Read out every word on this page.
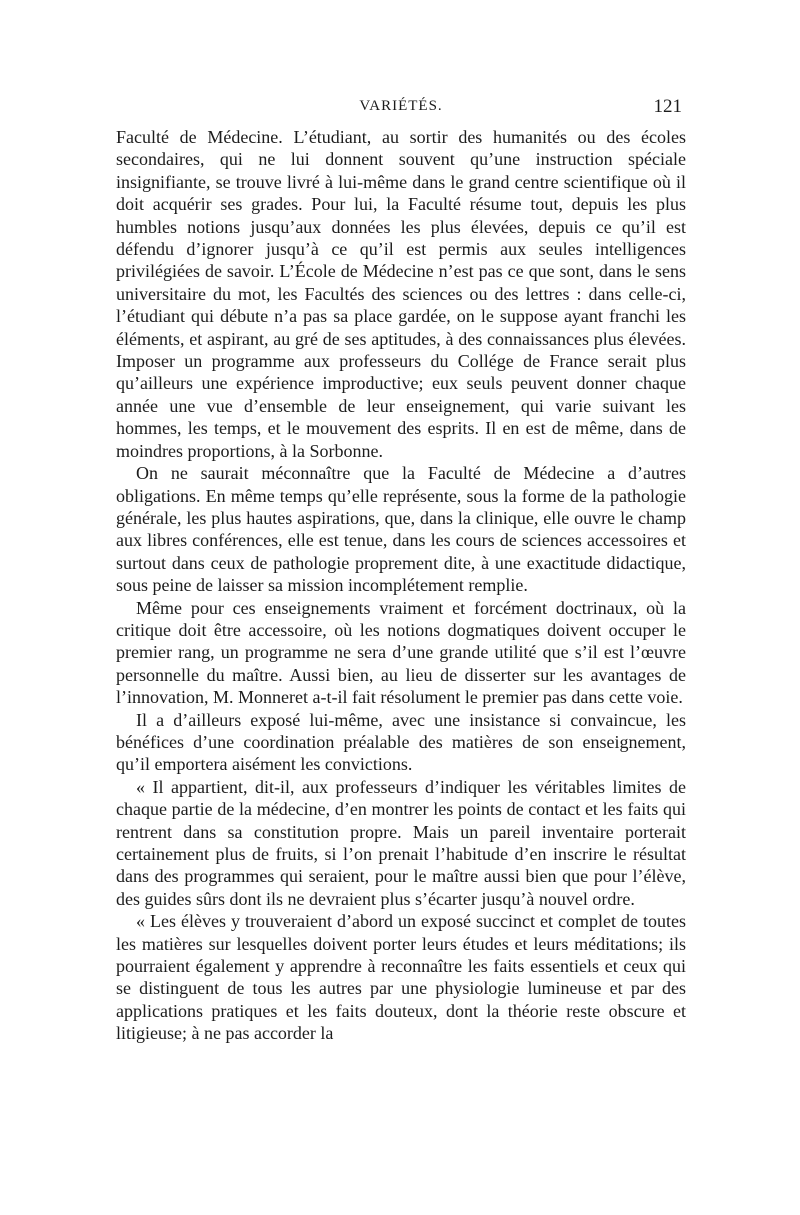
VARIÉTÉS.	121

Faculté de Médecine. L’étudiant, au sortir des humanités ou des écoles secondaires, qui ne lui donnent souvent qu’une instruction spéciale insignifiante, se trouve livré à lui-même dans le grand centre scientifique où il doit acquérir ses grades. Pour lui, la Faculté résume tout, depuis les plus humbles notions jusqu’aux données les plus élevées, depuis ce qu’il est défendu d’ignorer jusqu’à ce qu’il est permis aux seules intelligences privilégiées de savoir. L’École de Médecine n’est pas ce que sont, dans le sens universitaire du mot, les Facultés des sciences ou des lettres : dans celle-ci, l’étudiant qui débute n’a pas sa place gardée, on le suppose ayant franchi les éléments, et aspirant, au gré de ses aptitudes, à des connaissances plus élevées. Imposer un programme aux professeurs du Collége de France serait plus qu’ailleurs une expérience improductive; eux seuls peuvent donner chaque année une vue d’ensemble de leur enseignement, qui varie suivant les hommes, les temps, et le mouvement des esprits. Il en est de même, dans de moindres proportions, à la Sorbonne.

On ne saurait méconnaître que la Faculté de Médecine a d’autres obligations. En même temps qu’elle représente, sous la forme de la pathologie générale, les plus hautes aspirations, que, dans la clinique, elle ouvre le champ aux libres conférences, elle est tenue, dans les cours de sciences accessoires et surtout dans ceux de pathologie proprement dite, à une exactitude didactique, sous peine de laisser sa mission incomplétement remplie.

Même pour ces enseignements vraiment et forcément doctrinaux, où la critique doit être accessoire, où les notions dogmatiques doivent occuper le premier rang, un programme ne sera d’une grande utilité que s’il est l’œuvre personnelle du maître. Aussi bien, au lieu de disserter sur les avantages de l’innovation, M. Monneret a-t-il fait résolument le premier pas dans cette voie.

Il a d’ailleurs exposé lui-même, avec une insistance si convaincue, les bénéfices d’une coordination préalable des matières de son enseignement, qu’il emportera aisément les convictions.

« Il appartient, dit-il, aux professeurs d’indiquer les véritables limites de chaque partie de la médecine, d’en montrer les points de contact et les faits qui rentrent dans sa constitution propre. Mais un pareil inventaire porterait certainement plus de fruits, si l’on prenait l’habitude d’en inscrire le résultat dans des programmes qui seraient, pour le maître aussi bien que pour l’élève, des guides sûrs dont ils ne devraient plus s’écarter jusqu’à nouvel ordre.

« Les élèves y trouveraient d’abord un exposé succinct et complet de toutes les matières sur lesquelles doivent porter leurs études et leurs méditations; ils pourraient également y apprendre à reconnaître les faits essentiels et ceux qui se distinguent de tous les autres par une physiologie lumineuse et par des applications pratiques et les faits douteux, dont la théorie reste obscure et litigieuse; à ne pas accorder la
